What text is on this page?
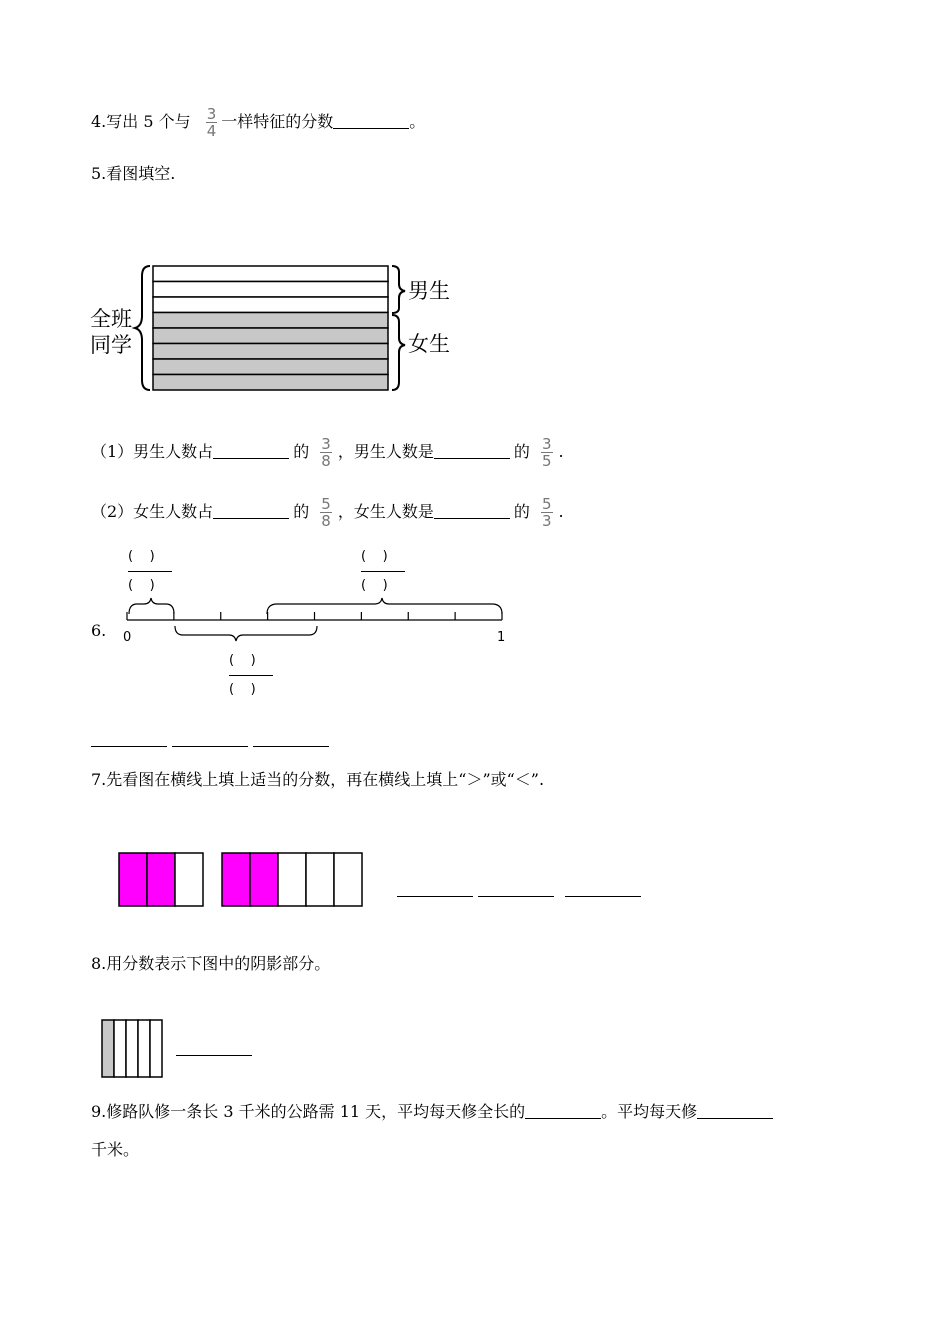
4.写出 5 个与 $\frac{3}{4}$ 一样特征的分数	。
5.看图填空.
全班
同学
男生
女生
（1）男生人数占	的 $\frac{3}{8}$ ，男生人数是	的 $\frac{3}{5}$ .
（2）女生人数占	的 $\frac{5}{8}$ ，女生人数是	的 $\frac{5}{3}$ .
6.
(    )
(    )
(    )
(    )
(    )
(    )
0	1

7.先看图在横线上填上适当的分数，再在横线上填上“＞”或“＜”.

8.用分数表示下图中的阴影部分。
9.修路队修一条长 3 千米的公路需 11 天，平均每天修全长的	。平均每天修
千米。
